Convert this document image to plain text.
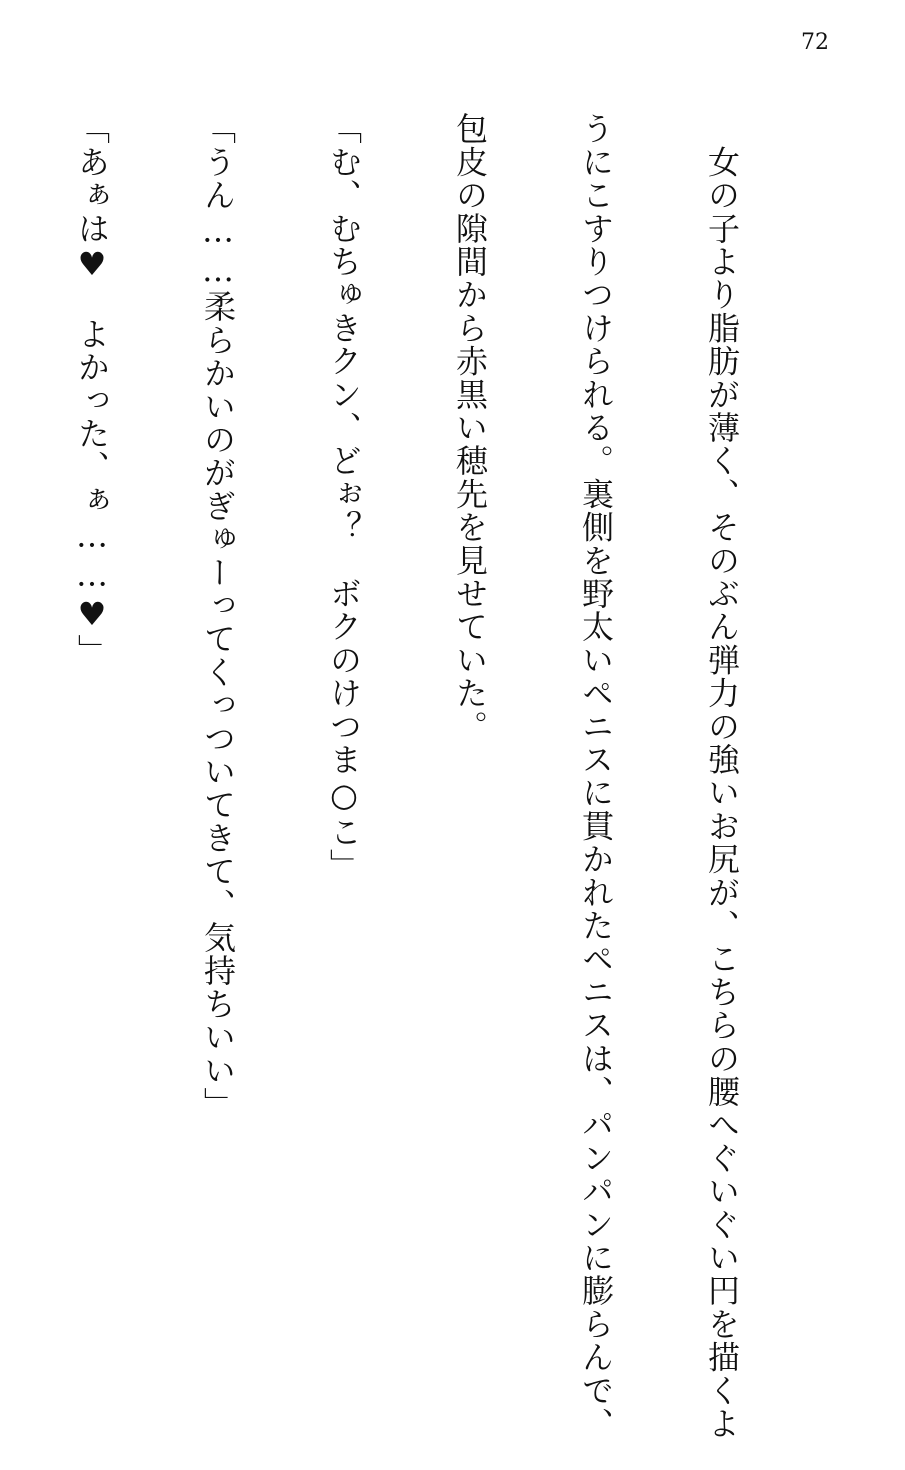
72

　女の子より脂肪が薄く、そのぶん弾力の強いお尻が、こちらの腰へぐいぐい円を描くよ

うにこすりつけられる。裏側を野太いペニスに貫かれたペニスは、パンパンに膨らんで、

包皮の隙間から赤黒い穂先を見せていた。

「む、むちゅきクン、どぉ？　ボクのけつま○こ」

「うん……柔らかいのがぎゅーってくっついてきて、気持ちいい」

「あぁは♥　よかった、ぁ……♥」
